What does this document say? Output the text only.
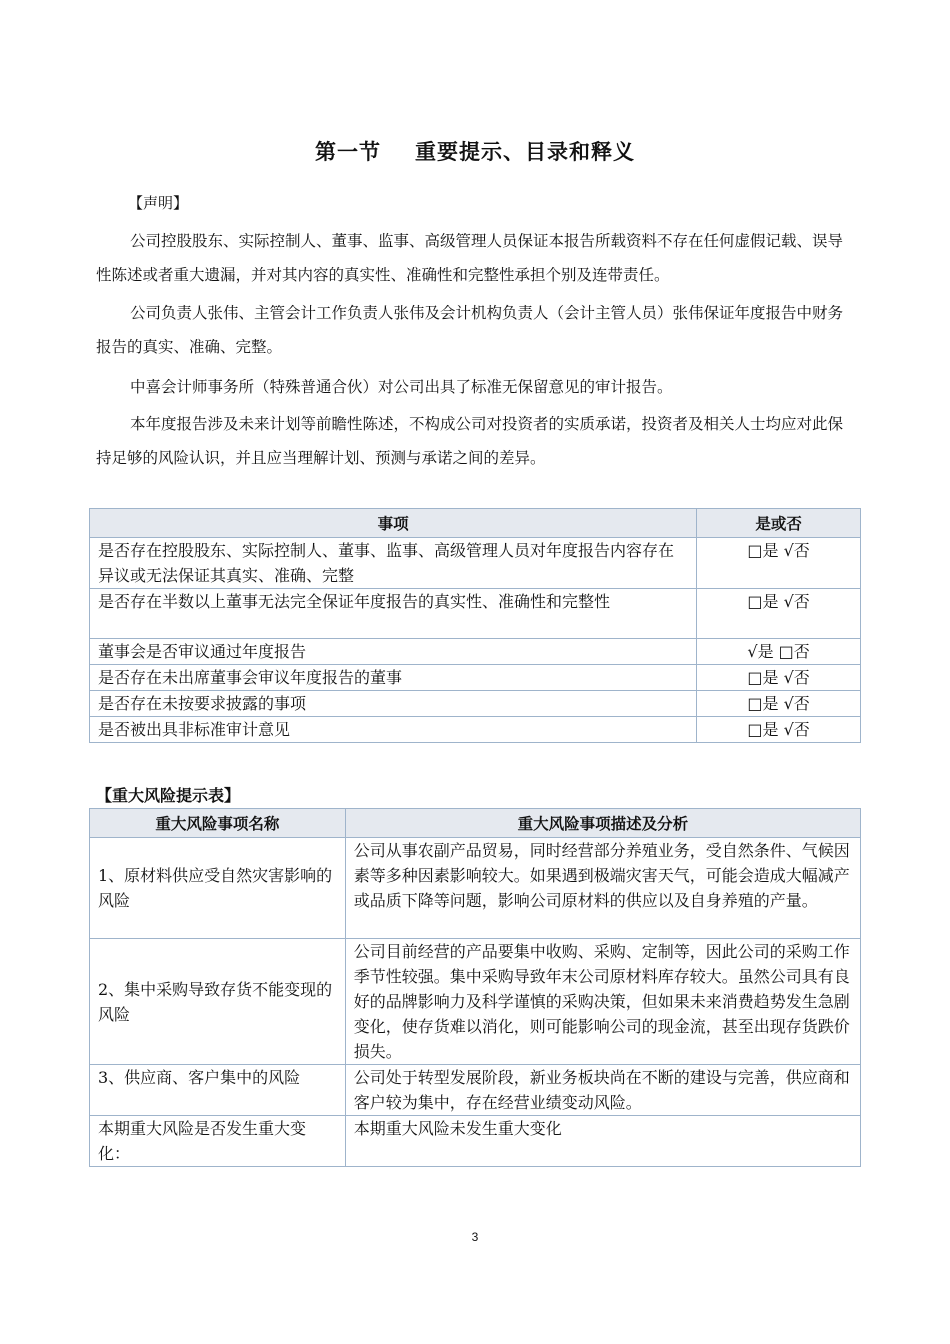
第一节 重要提示、目录和释义
【声明】
公司控股股东、实际控制人、董事、监事、高级管理人员保证本报告所载资料不存在任何虚假记载、误导性陈述或者重大遗漏，并对其内容的真实性、准确性和完整性承担个别及连带责任。
公司负责人张伟、主管会计工作负责人张伟及会计机构负责人（会计主管人员）张伟保证年度报告中财务报告的真实、准确、完整。
中喜会计师事务所（特殊普通合伙）对公司出具了标准无保留意见的审计报告。
本年度报告涉及未来计划等前瞻性陈述，不构成公司对投资者的实质承诺，投资者及相关人士均应对此保持足够的风险认识，并且应当理解计划、预测与承诺之间的差异。
事项	是或否
是否存在控股股东、实际控制人、董事、监事、高级管理人员对年度报告内容存在异议或无法保证其真实、准确、完整	□是 √否
是否存在半数以上董事无法完全保证年度报告的真实性、准确性和完整性	□是 √否
董事会是否审议通过年度报告	√是 □否
是否存在未出席董事会审议年度报告的董事	□是 √否
是否存在未按要求披露的事项	□是 √否
是否被出具非标准审计意见	□是 √否
【重大风险提示表】
重大风险事项名称	重大风险事项描述及分析
1、原材料供应受自然灾害影响的风险	公司从事农副产品贸易，同时经营部分养殖业务，受自然条件、气候因素等多种因素影响较大。如果遇到极端灾害天气，可能会造成大幅减产或品质下降等问题，影响公司原材料的供应以及自身养殖的产量。
2、集中采购导致存货不能变现的风险	公司目前经营的产品要集中收购、采购、定制等，因此公司的采购工作季节性较强。集中采购导致年末公司原材料库存较大。虽然公司具有良好的品牌影响力及科学谨慎的采购决策，但如果未来消费趋势发生急剧变化，使存货难以消化，则可能影响公司的现金流，甚至出现存货跌价损失。
3、供应商、客户集中的风险	公司处于转型发展阶段，新业务板块尚在不断的建设与完善，供应商和客户较为集中，存在经营业绩变动风险。
本期重大风险是否发生重大变化：	本期重大风险未发生重大变化
3
